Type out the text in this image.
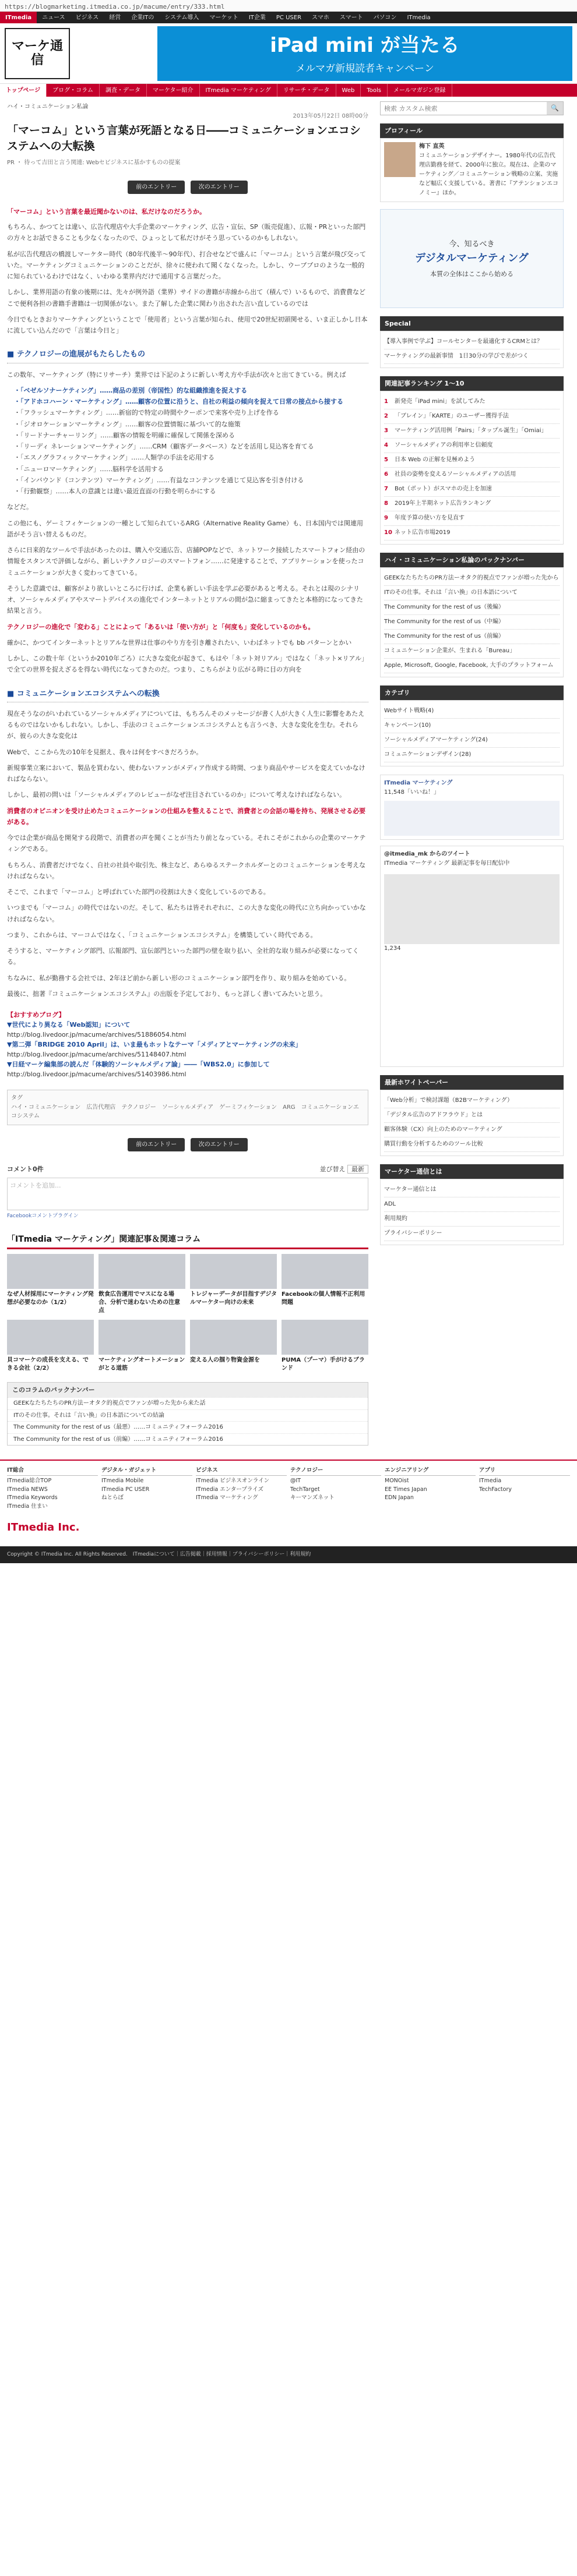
https://blogmarketing.itmedia.co.jp/macume/entry/333.html
ITmedia	ニュース	ビジネス	経営	企業ITの	システム導入	マーケット	IT企業	PC USER	スマホ	スマート	パソコン	ITmedia
マーケ通信
iPad mini が当たる
メルマガ新規読者キャンペーン
トップページ	ブログ・コラム	調査・データ	マーケター紹介	ITmedia マーケティング	リサーチ・データ	Web	Tools	メールマガジン登録
ハイ・コミュニケーション私論
2013年05月22日 08時00分
「マーコム」という言葉が死語となる日――コミュニケーションエコシステムへの大転換
PR ・ 待って吉田と言う関連: Webセビジネスに基かすものの提案
前のエントリー	次のエントリー
「マーコム」という言葉を最近聞かないのは、私だけなのだろうか。

もちろん、かつてとは違い、広告代理店や大手企業のマーケティング、広告・宣伝、SP（販売促進）、広報・PRといった部門の方々とお話できることも少なくなったので、ひょっとして私だけがそう思っているのかもしれない。

私が広告代理店の橋渡しマーケター時代（80年代後半～90年代）、打合せなどで盛んに「マーコム」という言葉が飛び交っていた。マーケティングコミュニケーションのことだが、徐々に使われて聞くなくなった。しかし、ウーブプロのような一般的に知られているわけではなく、いわゆる業界内だけで通用する言葉だった。

しかし、業界用語の有象の後期には、先々が例外語（業界）サイドの書籍が赤線から出て（積んで）いるもので、消費費などこで便利各担の書籍手書籍は一切関係がない。また了解した企業に関わり出された言い直しているのでは

今日でもときおりマーケティングということで「使用者」という言葉が知られ、使用で20世紀初頭関せる、いま正しかし日本に流してい込んだので「言葉は今日と」

■ テクノロジーの進展がもたらしたもの

この数年、マーケティング（特にリサーチ）業界では下記のように新しい考え方や手法が次々と出てきている。例えば

・「ベゼルソナーケティング」……商品の差別（帝国性）的な組織推進を捉えする
・「アドホコハーン・マーケティング」……顧客の位置に沿うと、自社の利益の傾向を捉えて日常の接点から接する
・「フラッシュマーケティング」……新宿的で特定の時間やクーポンで来客や売り上げを作る
・「ジオロケーションマーケティング」……顧客の位置情報に基づいて的な施策
・「リードナーチャーリング」……顧客の情報を明確に確保して関係を深める
・「リーディ ネレーションマーケティング」……CRM（顧客データベース）などを活用し見込客を育てる
・「エスノグラフィックマーケティング」……人類学の手法を応用する
・「ニューロマーケティング」……脳科学を活用する
・「インバウンド（コンテンツ）マーケティング」……有益なコンテンツを通じて見込客を引き付ける
・「行動観察」……本人の意識とは違い最近直面の行動を明らかにする

などだ。

この他にも、ゲーミフィケーションの一種として知られているARG（Alternative Reality Game）も、日本国内では関連用語がそう言い替えるものだ。

さらに日来的なツールで手法があったのは、購入や交通広告、店舗POPなどで、ネットワーク接続したスマートフォン経由の情報をスタンスで評価しながら、新しいテクノロジーのスマートフォン……に発達することで、アプリケーションを使ったコミュニケーションが大きく変わってきている。

そうした意識では、顧客がより欲しいところに行けば、企業も新しい手法を学ぶ必要があると考える。それとは現のシナリオ、ソーシャルメディアやスマートデバイスの進化でインターネットとリアルの間が急に縮まってきたと本格的になってきた結果と言う。

テクノロジーの進化で「変わる」ことによって「あるいは「使い方が」と「何度も」変化しているのかも。

確かに、かつてインターネットとリアルな世界は仕事のやり方を引き離されたい、いわばネットでも bb パターンとかい

しかし、この数十年（というか2010年ごろ）に大きな変化が起きて、もはや「ネット対リアル」ではなく「ネット×リアル」で全ての世界を捉えざるを得ない時代になってきたのだ。つまり、こちらがより広がる時に目の方向を

■ コミュニケーションエコシステムへの転換

現在そうなのがいわれているソーシャルメディアについては、もちろんそのメッセージが書く人が大きく人生に影響をあたえるものではないかもしれない。しかし、手法のコミュニケーションエコシステムとも言うべき、大きな変化を生む。それらが、彼らの大きな変化は

Webで、ここから先の10年を見据え、我々は何をすべきだろうか。

新規事業立案において、製品を買わない、使わないファンがメディア作成する時間、つまり商品やサービスを変えていかなければならない。

しかし、最初の問いは「ソーシャルメディアのレビューがなぜ注目されているのか」について考えなければならない。

消費者のオピニオンを受け止めたコミュニケーションの仕組みを整えることで、消費者との会話の場を持ち、発展させる必要がある。

今では企業が商品を開発する段階で、消費者の声を聞くことが当たり前となっている。それこそがこれからの企業のマーケティングである。

もちろん、消費者だけでなく、自社の社員や取引先、株主など、あらゆるステークホルダーとのコミュニケーションを考えなければならない。

そこで、これまで「マーコム」と呼ばれていた部門の役割は大きく変化しているのである。

いつまでも「マーコム」の時代ではないのだ。そして、私たちは皆それぞれに、この大きな変化の時代に立ち向かっていかなければならない。

つまり、これからは、マーコムではなく、「コミュニケーションエコシステム」を構築していく時代である。

そうすると、マーケティング部門、広報部門、宣伝部門といった部門の壁を取り払い、全社的な取り組みが必要になってくる。

ちなみに、私が勤務する会社では、2年ほど前から新しい形のコミュニケーション部門を作り、取り組みを始めている。

最後に、拙著『コミュニケーションエコシステム』の出版を予定しており、もっと詳しく書いてみたいと思う。

【おすすめブログ】
▼世代により異なる「Web認知」について
http://blog.livedoor.jp/macume/archives/51886054.html
▼第二弾「BRIDGE 2010 April」は、いま最もホットなテーマ「メディアとマーケティングの未来」
http://blog.livedoor.jp/macume/archives/51148407.html
▼日経マーケ編集部の読んだ「体験的ソーシャルメディア論」――「WBS2.0」に参加して
http://blog.livedoor.jp/macume/archives/51403986.html
タグ
ハイ・コミュニケーション　広告代理店　テクノロジー　ソーシャルメディア　ゲーミフィケーション　ARG　コミュニケーションエコシステム
前のエントリー	次のエントリー
コメント0件	並び替え 最新
コメントを追加...
Facebookコメントプラグイン
「ITmedia マーケティング」関連記事＆関連コラム
なぜ人材採用にマーケティング発想が必要なのか（1/2）
飲食広告運用でマスになる場合、分析で迷わないための注意点
トレジャーデータが目指すデジタルマーケター向けの未来
Facebookの個人情報不正利用問題
貝コマーケの成長を支える、できる会社（2/2）
マーケティングオートメーションがとる道筋
変える人の掴り物資金源を	PUMA（プーマ）手がけるブランド
このコラムのバックナンバー
GEEKなたちたちのPR方法ーオタク的視点でファンが増った先から来た話
ITのその仕事。それは「言い換」の日本語についての結論
The Community for the rest of us（最悪）……コミュニティフォーラム2016
The Community for the rest of us（前編）……コミュニティフォーラム2016
検索 カスタム検索
🔍
プロフィール
梅下 直英
コミュニケーションデザイナー。1980年代の広告代理店勤務を経て、2000年に独立。現在は、企業のマーケティング／コミュニケーション戦略の立案、実施など幅広く支援している。著書に『アテンションエコノミー』ほか。
今、知るべき
デジタルマーケティング
本質の全体はここから始める
Special
【導入事例で学ぶ】コールセンターを最適化するCRMとは？
マーケティングの最新事情　1日30分の学びで差がつく
関連記事ランキング 1〜10
1 新発売「iPad mini」を試してみた
2 「ブレイン」「KARTE」のユーザー獲得手法
3 マーケティング活用例「Pairs」「タップル誕生」「Omiai」
4 ソーシャルメディアの利用率と信頼度
5 日本 Web の正解を見極めよう
6 社員の姿勢を変えるソーシャルメディアの活用
7 Bot（ボット）がスマホの売上を加速
8 2019年上半期ネット広告ランキング
9 年度予算の使い方を見直す
10 ネット広告市場2019
ハイ・コミュニケーション私論のバックナンバー
GEEKなたちたちのPR方法ーオタク的視点でファンが増った先から
ITのその仕事。それは「言い換」の日本語について
The Community for the rest of us（後編）
The Community for the rest of us（中編）
The Community for the rest of us（前編）
コミュニケーション企業が、生まれる「Bureau」
Apple, Microsoft, Google, Facebook, 大手のプラットフォーム
カテゴリ
Webサイト戦略(4)
キャンペーン(10)
ソーシャルメディアマーケティング(24)
コミュニケーションデザイン(28)
ITmedia マーケティング
11,548「いいね！」
@itmedia_mk からのツイート
ITmedia マーケティング 最新記事を毎日配信中
1,234
最新ホワイトペーパー
「Web分析」で検討課題（B2Bマーケティング）
「デジタル広告のアドフラウド」とは
顧客体験（CX）向上のためのマーケティング
購買行動を分析するためのツール比較
マーケター通信とは
マーケター通信とは
ADL
利用規約
プライバシーポリシー
IT総合
ITmedia総合TOP
ITmedia NEWS
ITmedia Keywords
ITmedia 住まい
デジタル・ガジェット
ITmedia Mobile
ITmedia PC USER
ねとらぼ
ビジネス
ITmedia ビジネスオンライン
ITmedia エンタープライズ
ITmedia マーケティング
テクノロジー
@IT
TechTarget
キーマンズネット
エンジニアリング
MONOist
EE Times Japan
EDN Japan
アプリ
ITmedia
TechFactory
ITmedia Inc.
Copyright © ITmedia Inc. All Rights Reserved.　ITmediaについて｜広告掲載｜採用情報｜プライバシーポリシー｜利用規約
